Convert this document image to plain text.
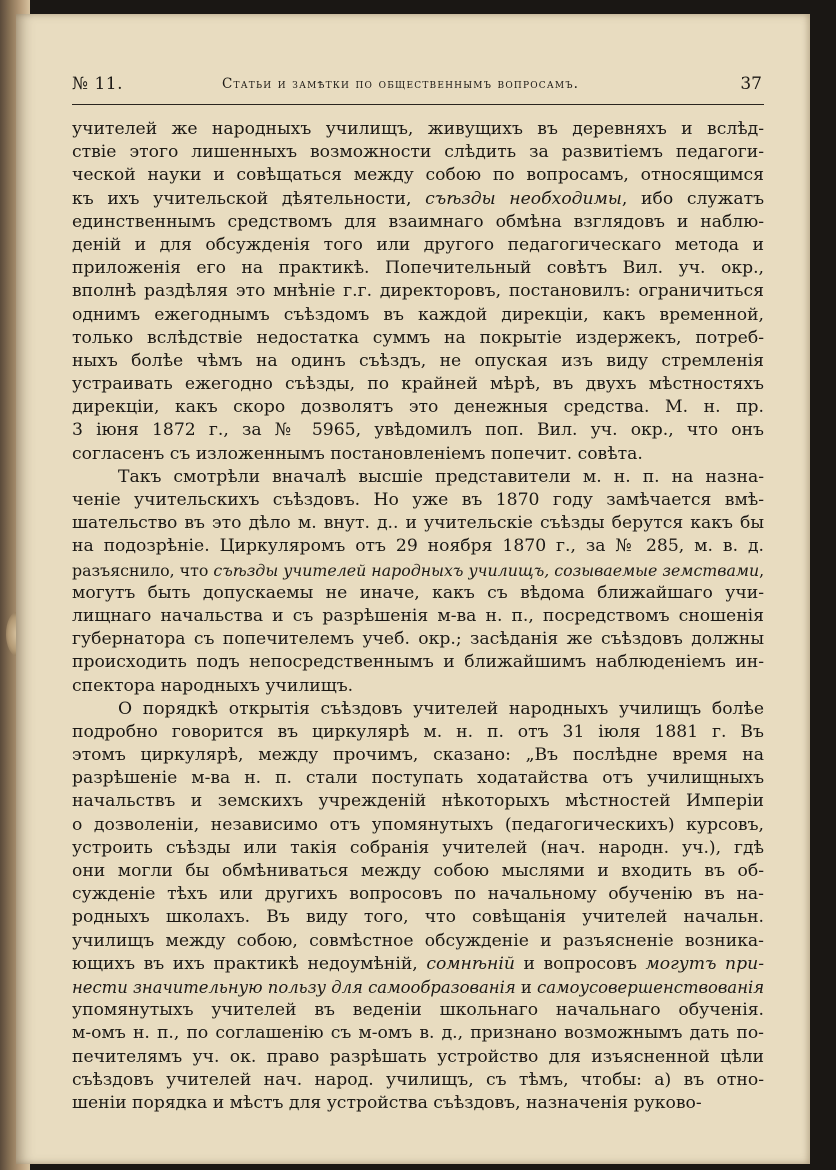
№ 11.	Статьи и замѣтки по общественнымъ вопросамъ.	37
учителей же народныхъ училищъ, живущихъ въ деревняхъ и вслѣд-
ствіе этого лишенныхъ возможности слѣдить за развитіемъ педагоги-
ческой науки и совѣщаться между собою по вопросамъ, относящимся
къ ихъ учительской дѣятельности, съѣзды необходимы, ибо служатъ
единственнымъ средствомъ для взаимнаго обмѣна взглядовъ и наблю-
деній и для обсужденія того или другого педагогическаго метода и
приложенія его на практикѣ. Попечительный совѣтъ Вил. уч. окр.,
вполнѣ раздѣляя это мнѣніе г.г. директоровъ, постановилъ: ограничиться
однимъ ежегоднымъ съѣздомъ въ каждой дирекціи, какъ временной,
только вслѣдствіе недостатка суммъ на покрытіе издержекъ, потреб-
ныхъ болѣе чѣмъ на одинъ съѣздъ, не опуская изъ виду стремленія
устраивать ежегодно съѣзды, по крайней мѣрѣ, въ двухъ мѣстностяхъ
дирекціи, какъ скоро дозволятъ это денежныя средства. М. н. пр.
3 іюня 1872 г., за № 5965, увѣдомилъ поп. Вил. уч. окр., что онъ
согласенъ съ изложеннымъ постановленіемъ попечит. совѣта.
Такъ смотрѣли вначалѣ высшіе представители м. н. п. на назна-
ченіе учительскихъ съѣздовъ. Но уже въ 1870 году замѣчается вмѣ-
шательство въ это дѣло м. внут. д.. и учительскіе съѣзды берутся какъ бы
на подозрѣніе. Циркуляромъ отъ 29 ноября 1870 г., за № 285, м. в. д.
разъяснило, что съѣзды учителей народныхъ училищъ, созываемые земствами,
могутъ быть допускаемы не иначе, какъ съ вѣдома ближайшаго учи-
лищнаго начальства и съ разрѣшенія м-ва н. п., посредствомъ сношенія
губернатора съ попечителемъ учеб. окр.; засѣданія же съѣздовъ должны
происходить подъ непосредственнымъ и ближайшимъ наблюденіемъ ин-
спектора народныхъ училищъ.
О порядкѣ открытія съѣздовъ учителей народныхъ училищъ болѣе
подробно говорится въ циркулярѣ м. н. п. отъ 31 іюля 1881 г. Въ
этомъ циркулярѣ, между прочимъ, сказано: „Въ послѣдне время на
разрѣшеніе м-ва н. п. стали поступать ходатайства отъ училищныхъ
начальствъ и земскихъ учрежденій нѣкоторыхъ мѣстностей Имперіи
о дозволеніи, независимо отъ упомянутыхъ (педагогическихъ) курсовъ,
устроить съѣзды или такія собранія учителей (нач. народн. уч.), гдѣ
они могли бы обмѣниваться между собою мыслями и входить въ об-
сужденіе тѣхъ или другихъ вопросовъ по начальному обученію въ на-
родныхъ школахъ. Въ виду того, что совѣщанія учителей начальн.
училищъ между собою, совмѣстное обсужденіе и разъясненіе возника-
ющихъ въ ихъ практикѣ недоумѣній, сомнѣній и вопросовъ могутъ при-
нести значительную пользу для самообразованія и самоусовершенствованія
упомянутыхъ учителей въ веденіи школьнаго начальнаго обученія.
м-омъ н. п., по соглашенію съ м-омъ в. д., признано возможнымъ дать по-
печителямъ уч. ок. право разрѣшать устройство для изъясненной цѣли
съѣздовъ учителей нач. народ. училищъ, съ тѣмъ, чтобы: а) въ отно-
шеніи порядка и мѣстъ для устройства съѣздовъ, назначенія руково-
